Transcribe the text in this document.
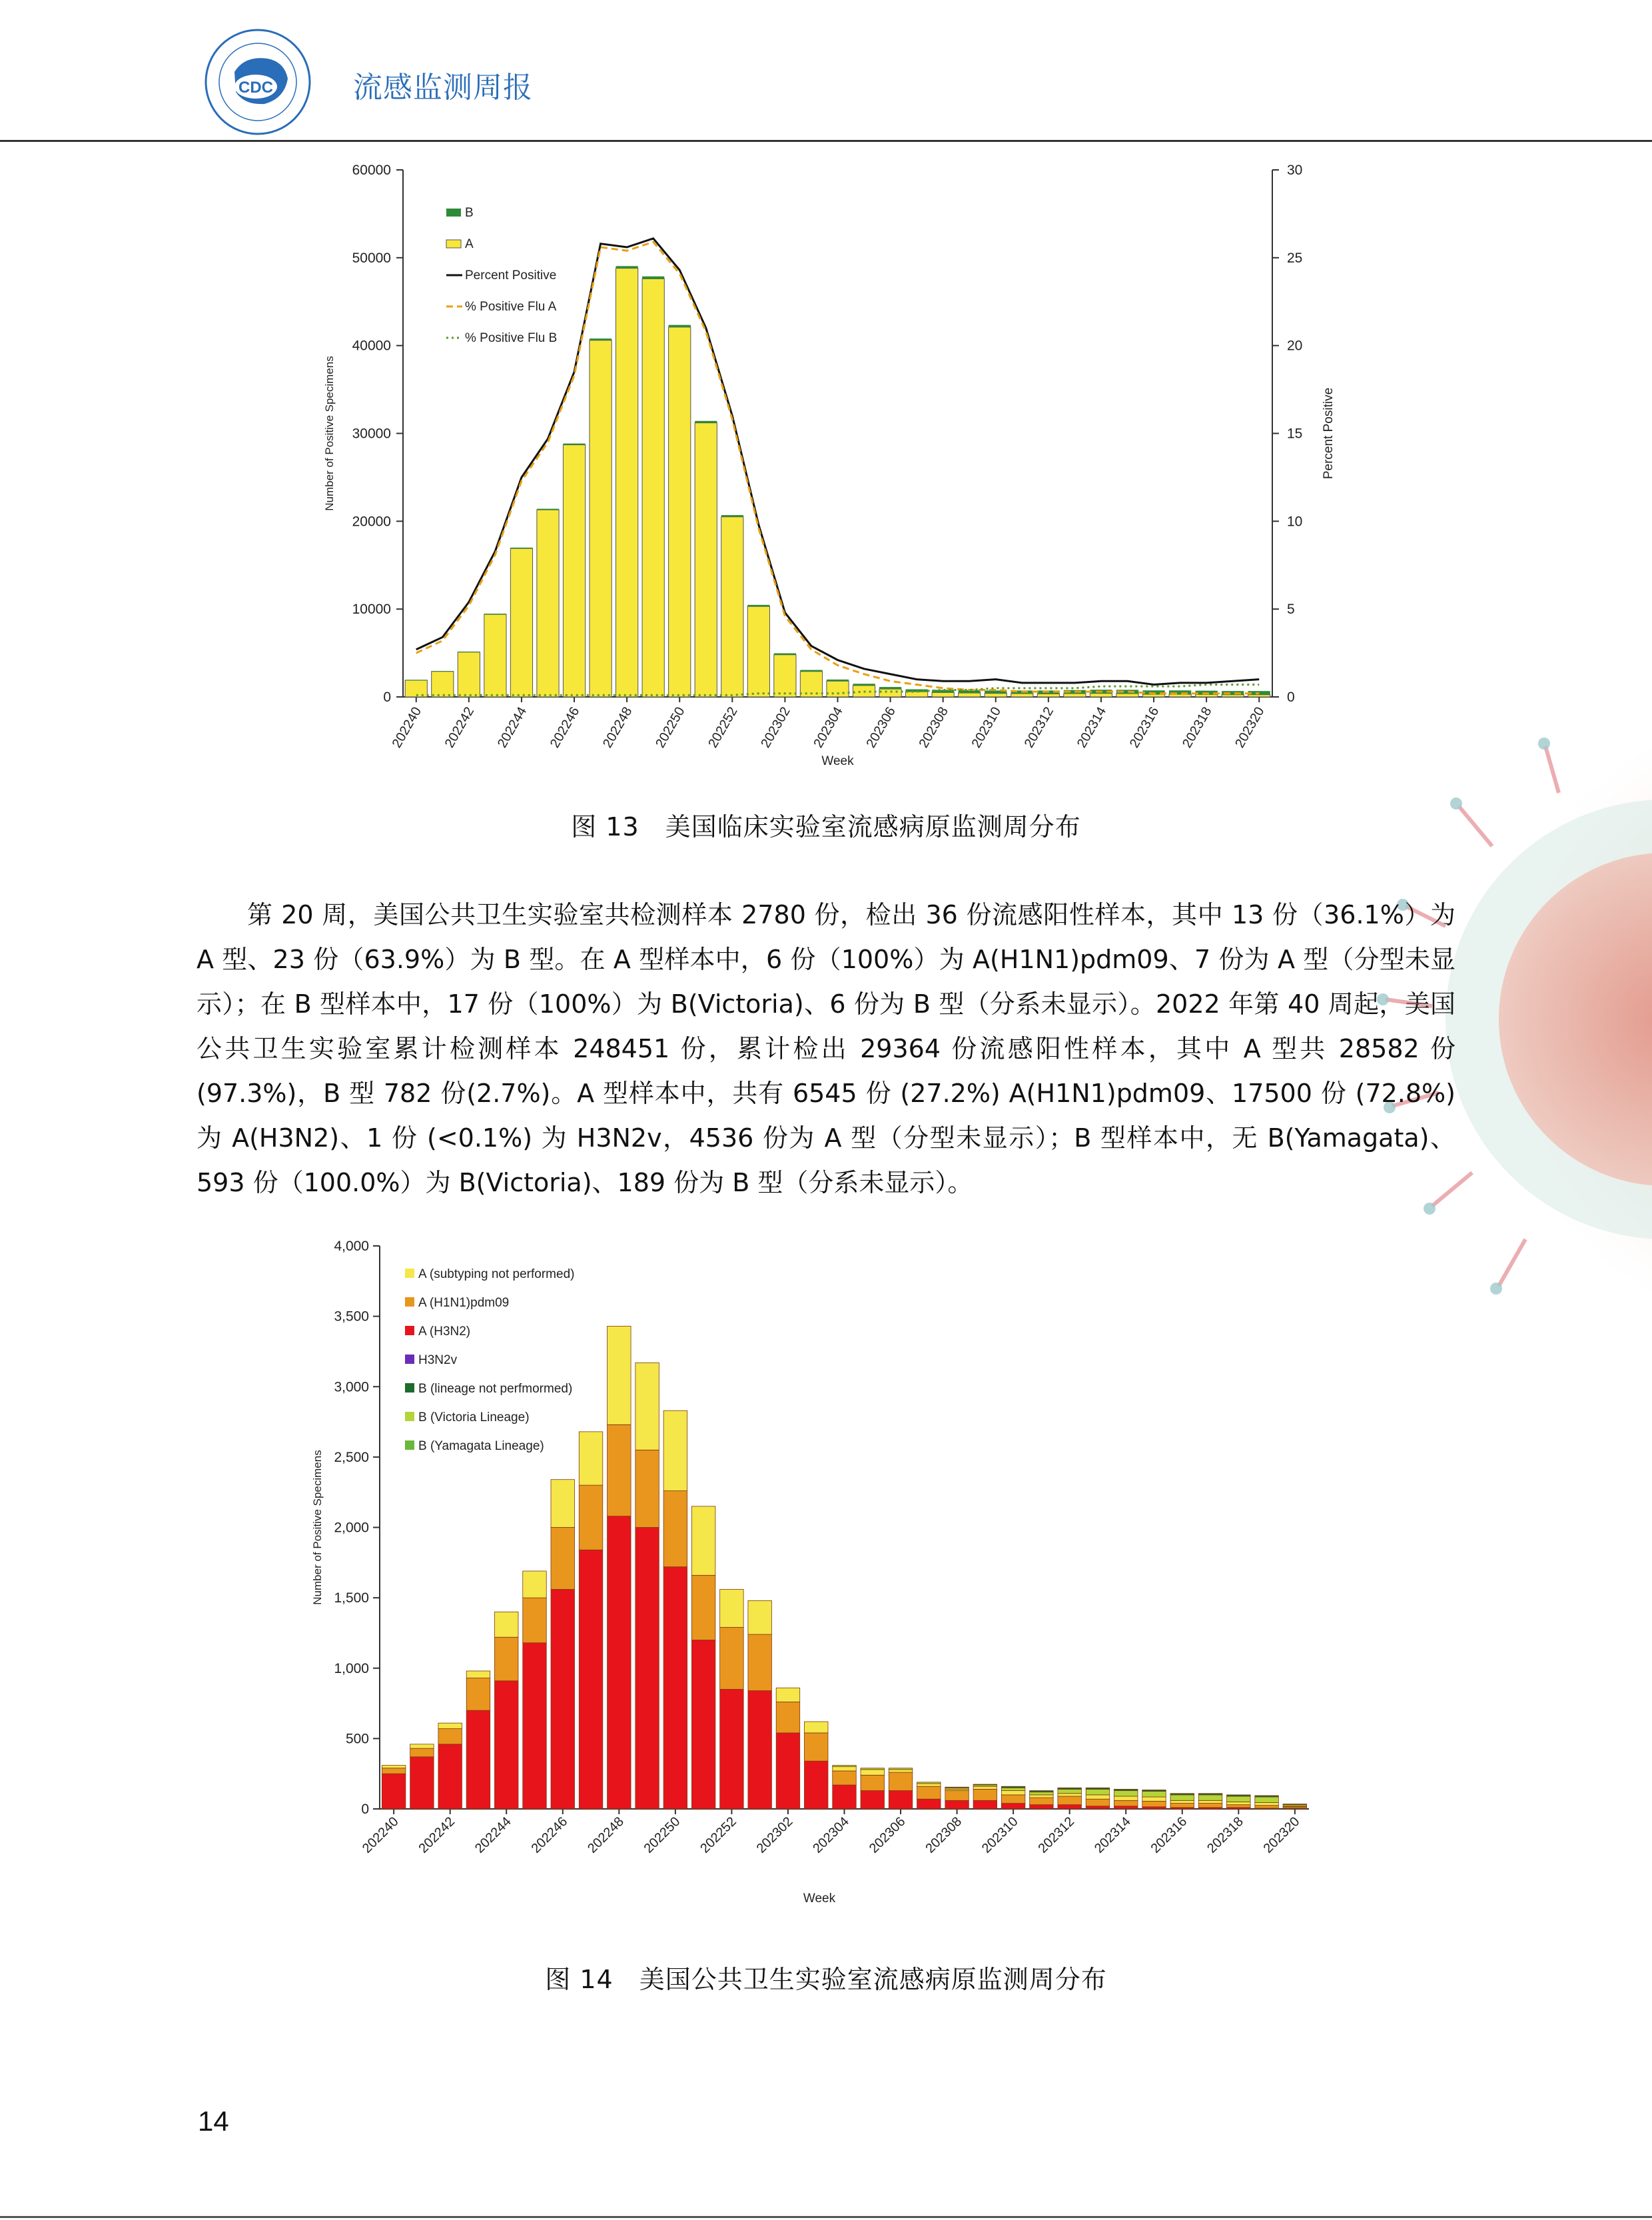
CDC	流感监测周报
60000
50000
40000
30000
20000
10000
0
30
25
20
15
10
5
0
202240 202242 202244 202246 202248 202250 202252 202302 202304 202306 202308 202310 202312 202314 202316 202318 202320
Week
Number of Positive Specimens	Percent Positive
B
A
Percent Positive
% Positive Flu A
% Positive Flu B
图 13　美国临床实验室流感病原监测周分布

第 20 周，美国公共卫生实验室共检测样本 2780 份，检出 36 份流感阳性样本，其中 13 份（36.1%）为 A 型、23 份（63.9%）为 B 型。在 A 型样本中，6 份（100%）为 A(H1N1)pdm09、7 份为 A 型（分型未显示）；在 B 型样本中，17 份（100%）为 B(Victoria)、6 份为 B 型（分系未显示）。2022 年第 40 周起，美国公共卫生实验室累计检测样本 248451 份，累计检出 29364 份流感阳性样本，其中 A 型共 28582 份(97.3%)，B 型 782 份(2.7%)。A 型样本中，共有 6545 份 (27.2%) A(H1N1)pdm09、17500 份 (72.8%) 为 A(H3N2)、1 份 (<0.1%) 为 H3N2v，4536 份为 A 型（分型未显示）；B 型样本中，无 B(Yamagata)、593 份（100.0%）为 B(Victoria)、189 份为 B 型（分系未显示）。

4,000
3,500
3,000
2,500
2,000
1,500
1,000
500
0
202240 202242 202244 202246 202248 202250 202252 202302 202304 202306 202308 202310 202312 202314 202316 202318 202320
Week
Number of Positive Specimens
A (subtyping not performed)
A (H1N1)pdm09
A (H3N2)
H3N2v
B (lineage not perfmormed)
B (Victoria Lineage)
B (Yamagata Lineage)
图 14　美国公共卫生实验室流感病原监测周分布
14
